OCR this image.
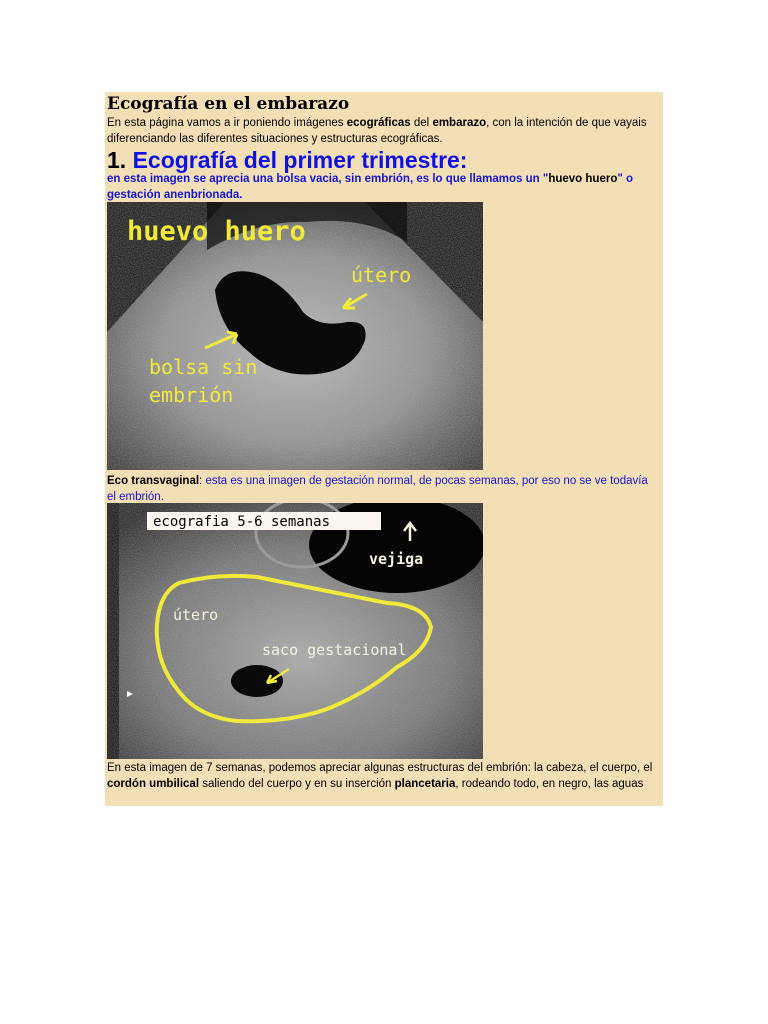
Ecografía en el embarazo

En esta página vamos a ir poniendo imágenes ecográficas del embarazo, con la intención de que vayais diferenciando las diferentes situaciones y estructuras ecográficas.

1. Ecografía del primer trimestre:

en esta imagen se aprecia una bolsa vacia, sin embrión, es lo que llamamos un "huevo huero" o gestación anenbrionada.

huevo huero
útero
bolsa sin
embrión

Eco transvaginal: esta es una imagen de gestación normal, de pocas semanas, por eso no se ve todavía el embrión.

ecografia 5-6 semanas
vejiga
útero
saco gestacional

En esta imagen de 7 semanas, podemos apreciar algunas estructuras del embrión: la cabeza, el cuerpo, el cordón umbilical saliendo del cuerpo y en su inserción plancetaria, rodeando todo, en negro, las aguas
